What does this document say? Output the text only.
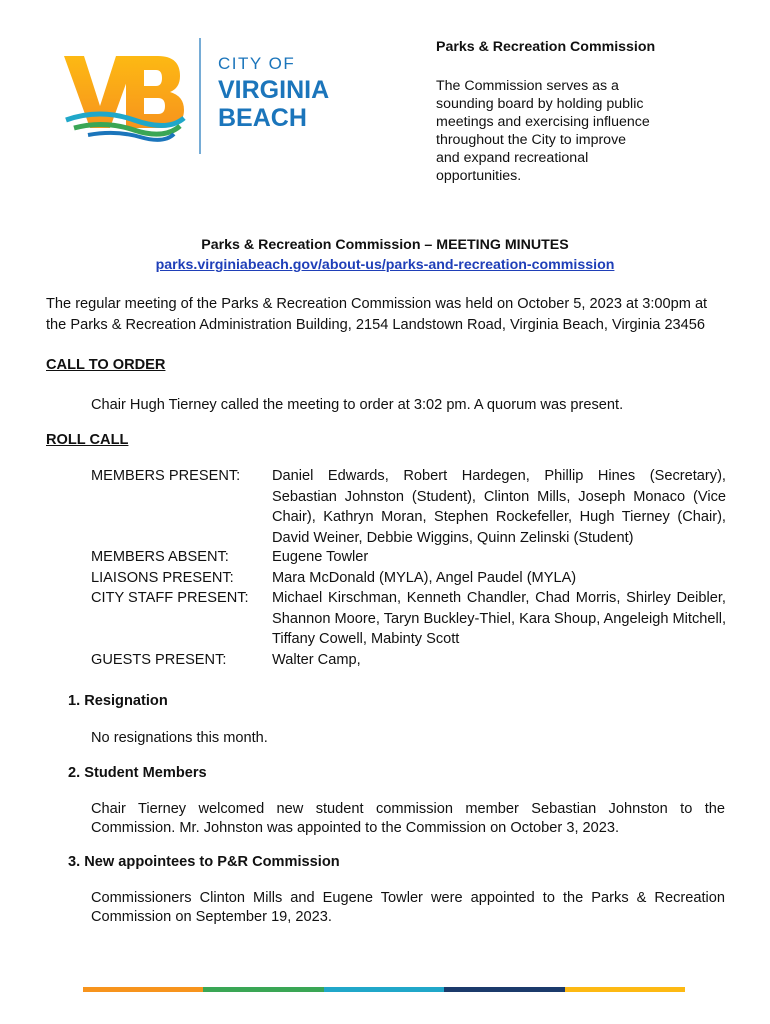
CITY OF
VIRGINIA
BEACH
Parks & Recreation Commission
The Commission serves as a
sounding board by holding public
meetings and exercising influence
throughout the City to improve
and expand recreational
opportunities.
Parks & Recreation Commission – MEETING MINUTES
parks.virginiabeach.gov/about-us/parks-and-recreation-commission
The regular meeting of the Parks & Recreation Commission was held on October 5, 2023 at 3:00pm at
the Parks & Recreation Administration Building, 2154 Landstown Road, Virginia Beach, Virginia 23456
CALL TO ORDER
Chair Hugh Tierney called the meeting to order at 3:02 pm. A quorum was present.
ROLL CALL
MEMBERS PRESENT: Daniel Edwards, Robert Hardegen, Phillip Hines (Secretary), Sebastian Johnston (Student), Clinton Mills, Joseph Monaco (Vice Chair), Kathryn Moran, Stephen Rockefeller, Hugh Tierney (Chair), David Weiner, Debbie Wiggins, Quinn Zelinski (Student)
MEMBERS ABSENT:	Eugene Towler
LIAISONS PRESENT:	Mara McDonald (MYLA), Angel Paudel (MYLA)
CITY STAFF PRESENT: Michael Kirschman, Kenneth Chandler, Chad Morris, Shirley Deibler, Shannon Moore, Taryn Buckley-Thiel, Kara Shoup, Angeleigh Mitchell, Tiffany Cowell, Mabinty Scott
GUESTS PRESENT:	Walter Camp,
1. Resignation
No resignations this month.
2. Student Members
Chair Tierney welcomed new student commission member Sebastian Johnston to the Commission. Mr. Johnston was appointed to the Commission on October 3, 2023.
3. New appointees to P&R Commission
Commissioners Clinton Mills and Eugene Towler were appointed to the Parks & Recreation Commission on September 19, 2023.
